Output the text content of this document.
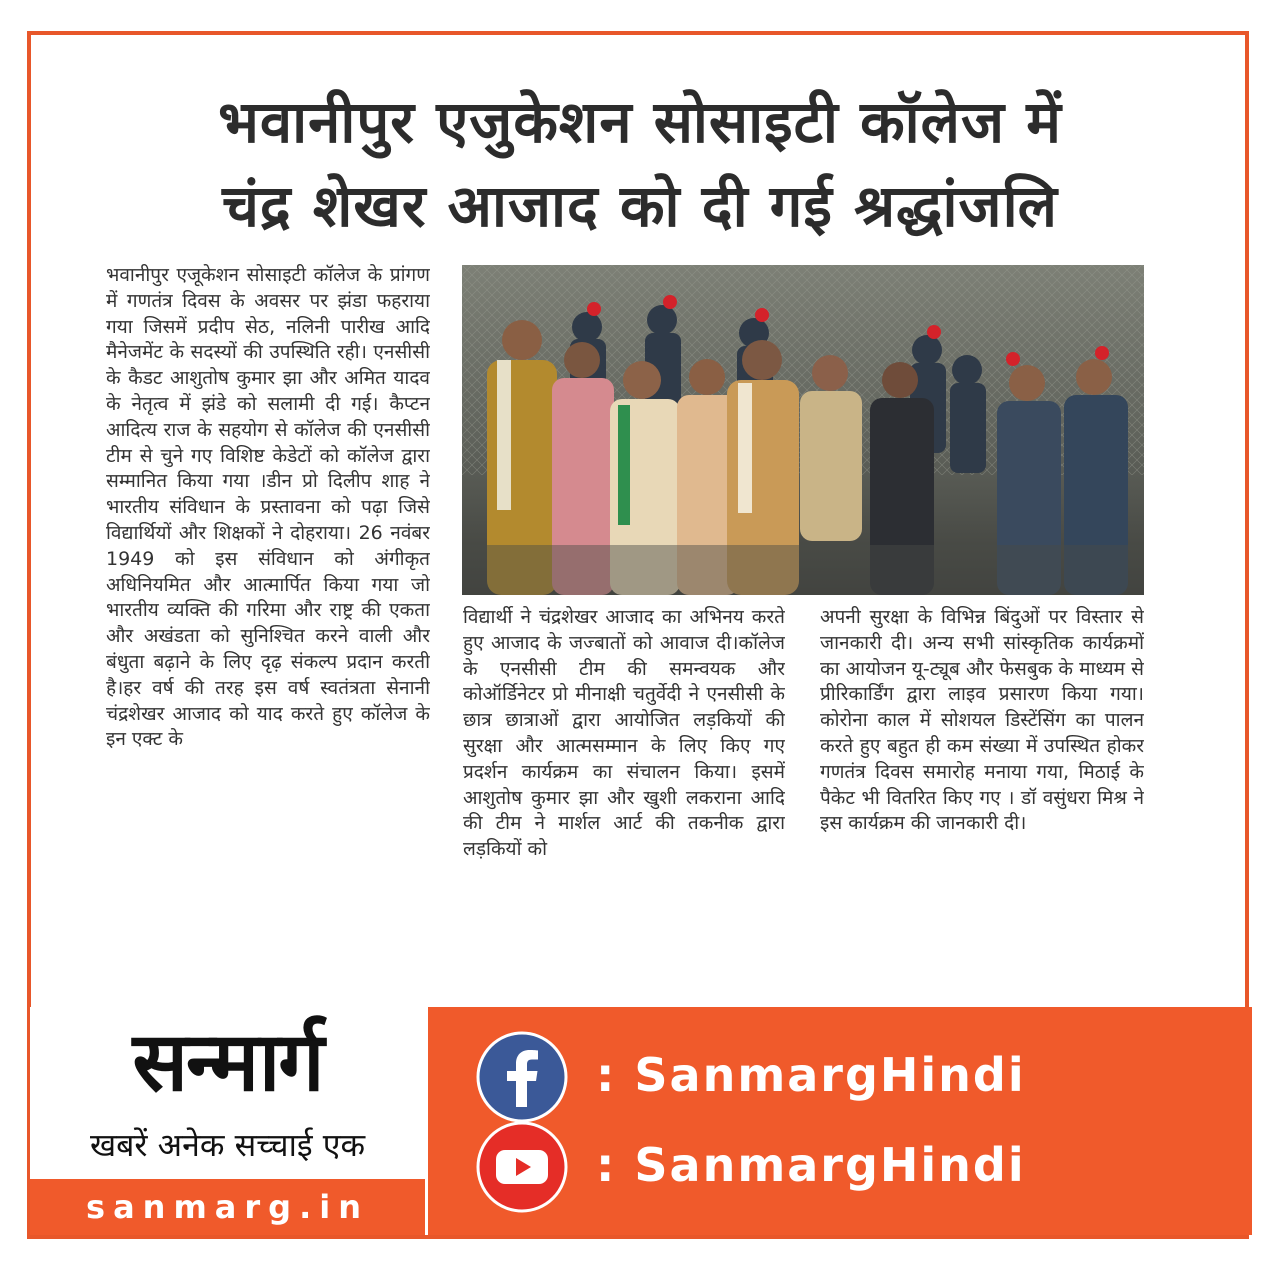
भवानीपुर एजुकेशन सोसाइटी कॉलेज में
चंद्र शेखर आजाद को दी गई श्रद्धांजलि

भवानीपुर एजूकेशन सोसाइटी कॉलेज के प्रांगण में गणतंत्र दिवस के अवसर पर झंडा फहराया गया जिसमें प्रदीप सेठ, नलिनी पारीख आदि मैनेजमेंट के सदस्यों की उपस्थिति रही। एनसीसी के कैडट आशुतोष कुमार झा और अमित यादव के नेतृत्व में झंडे को सलामी दी गई। कैप्टन आदित्य राज के सहयोग से कॉलेज की एनसीसी टीम से चुने गए विशिष्ट केडेटों को कॉलेज द्वारा सम्मानित किया गया ।डीन प्रो दिलीप शाह ने भारतीय संविधान के प्रस्तावना को पढ़ा जिसे विद्यार्थियों और शिक्षकों ने दोहराया। 26 नवंबर 1949 को इस संविधान को अंगीकृत अधिनियमित और आत्मार्पित किया गया जो भारतीय व्यक्ति की गरिमा और राष्ट्र की एकता और अखंडता को सुनिश्चित करने वाली और बंधुता बढ़ाने के लिए दृढ़ संकल्प प्रदान करती है।हर वर्ष की तरह इस वर्ष स्वतंत्रता सेनानी चंद्रशेखर आजाद को याद करते हुए कॉलेज के इन एक्ट के

विद्यार्थी ने चंद्रशेखर आजाद का अभिनय करते हुए आजाद के जज्बातों को आवाज दी।कॉलेज के एनसीसी टीम की समन्वयक और कोऑर्डिनेटर प्रो मीनाक्षी चतुर्वेदी ने एनसीसी के छात्र छात्राओं द्वारा आयोजित लड़कियों की सुरक्षा और आत्मसम्मान के लिए किए गए प्रदर्शन कार्यक्रम का संचालन किया। इसमें आशुतोष कुमार झा और खुशी लकराना आदि की टीम ने मार्शल आर्ट की तकनीक द्वारा लड़कियों को

अपनी सुरक्षा के विभिन्न बिंदुओं पर विस्तार से जानकारी दी। अन्य सभी सांस्कृतिक कार्यक्रमों का आयोजन यू-ट्यूब और फेसबुक के माध्यम से प्रीरिकार्डिंग द्वारा लाइव प्रसारण किया गया। कोरोना काल में सोशयल डिस्टेंसिंग का पालन करते हुए बहुत ही कम संख्या में उपस्थित होकर गणतंत्र दिवस समारोह मनाया गया, मिठाई के पैकेट भी वितरित किए गए । डॉ वसुंधरा मिश्र ने इस कार्यक्रम की जानकारी दी।

सन्मार्ग
खबरें अनेक सच्चाई एक
sanmarg.in
: SanmargHindi
: SanmargHindi
